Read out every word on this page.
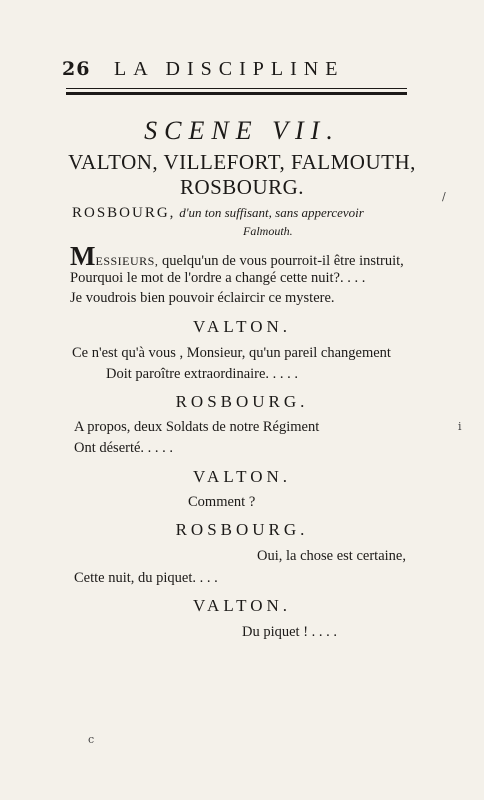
26 LA DISCIPLINE
SCENE VII.
VALTON, VILLEFORT, FALMOUTH,
ROSBOURG.
ROSBOURG, d'un ton suffisant, sans appercevoir
Falmouth.
MESSIEURS, quelqu'un de vous pourroit-il être instruit,
Pourquoi le mot de l'ordre a changé cette nuit?. . . .
Je voudrois bien pouvoir éclaircir ce mystere.
VALTON.
Ce n'est qu'à vous , Monsieur, qu'un pareil changement
Doit paroître extraordinaire. . . . .
ROSBOURG.
A propos, deux Soldats de notre Régiment
Ont déserté. . . . .
VALTON.
Comment ?
ROSBOURG.
Oui, la chose est certaine,
Cette nuit, du piquet. . . .
VALTON.
Du piquet ! . . . .
/
i
c
